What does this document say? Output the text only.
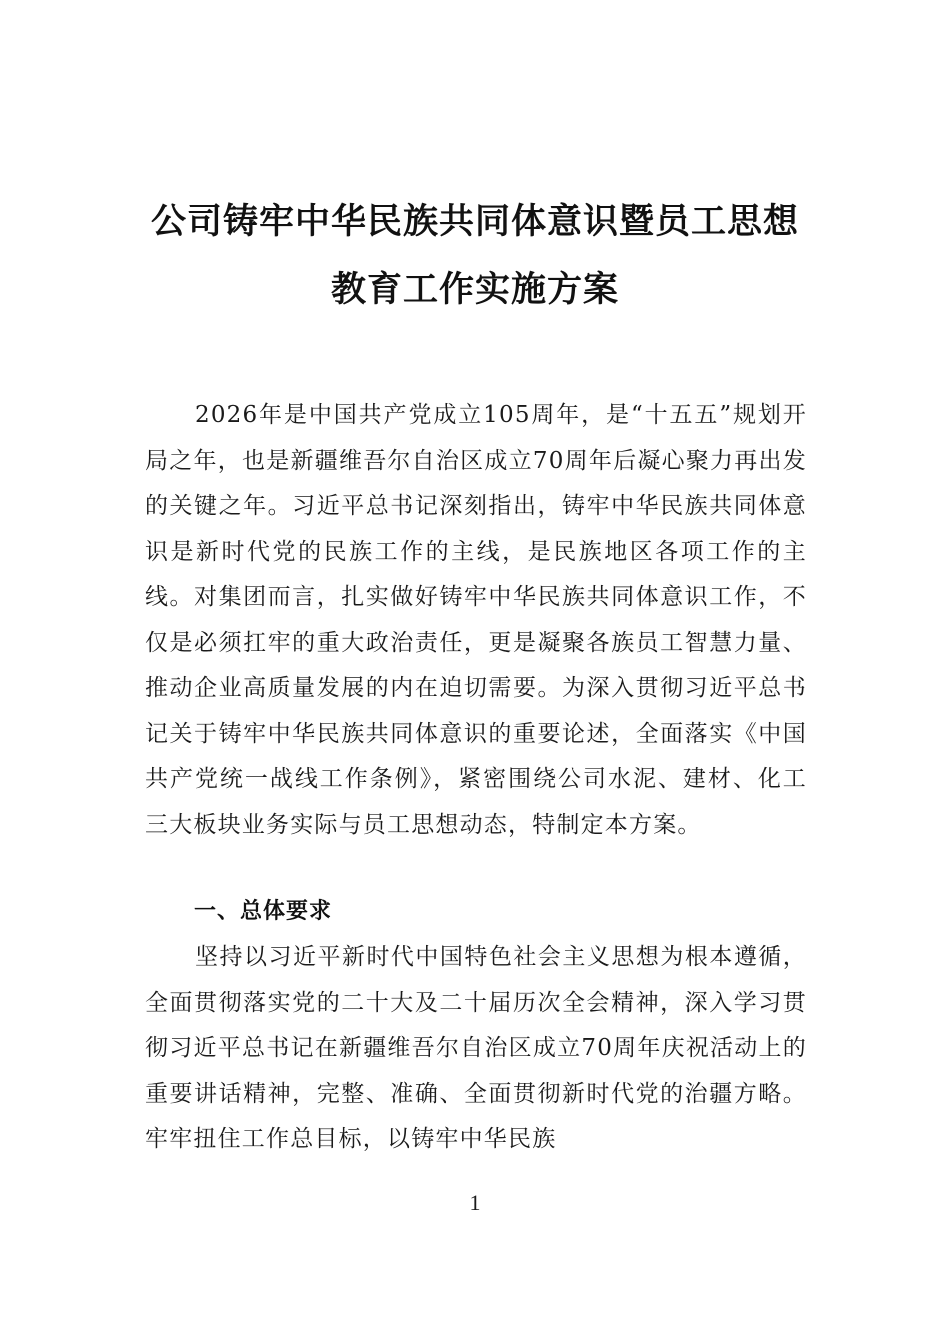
公司铸牢中华民族共同体意识暨员工思想
教育工作实施方案

2026年是中国共产党成立105周年，是“十五五”规划开局之年，也是新疆维吾尔自治区成立70周年后凝心聚力再出发的关键之年。习近平总书记深刻指出，铸牢中华民族共同体意识是新时代党的民族工作的主线，是民族地区各项工作的主线。对集团而言，扎实做好铸牢中华民族共同体意识工作，不仅是必须扛牢的重大政治责任，更是凝聚各族员工智慧力量、推动企业高质量发展的内在迫切需要。为深入贯彻习近平总书记关于铸牢中华民族共同体意识的重要论述，全面落实《中国共产党统一战线工作条例》，紧密围绕公司水泥、建材、化工三大板块业务实际与员工思想动态，特制定本方案。

一、总体要求

坚持以习近平新时代中国特色社会主义思想为根本遵循，全面贯彻落实党的二十大及二十届历次全会精神，深入学习贯彻习近平总书记在新疆维吾尔自治区成立70周年庆祝活动上的重要讲话精神，完整、准确、全面贯彻新时代党的治疆方略。牢牢扭住工作总目标，以铸牢中华民族

1
